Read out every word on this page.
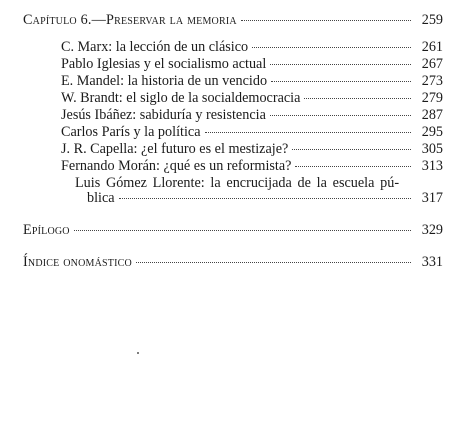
Capítulo 6.—Preservar la memoria	259
C. Marx: la lección de un clásico	261
Pablo Iglesias y el socialismo actual	267
E. Mandel: la historia de un vencido	273
W. Brandt: el siglo de la socialdemocracia	279
Jesús Ibáñez: sabiduría y resistencia	287
Carlos París y la política	295
J. R. Capella: ¿el futuro es el mestizaje?	305
Fernando Morán: ¿qué es un reformista?	313
Luis Gómez Llorente: la encrucijada de la escuela pú-
blica	317
Epílogo	329
Índice onomástico	331
